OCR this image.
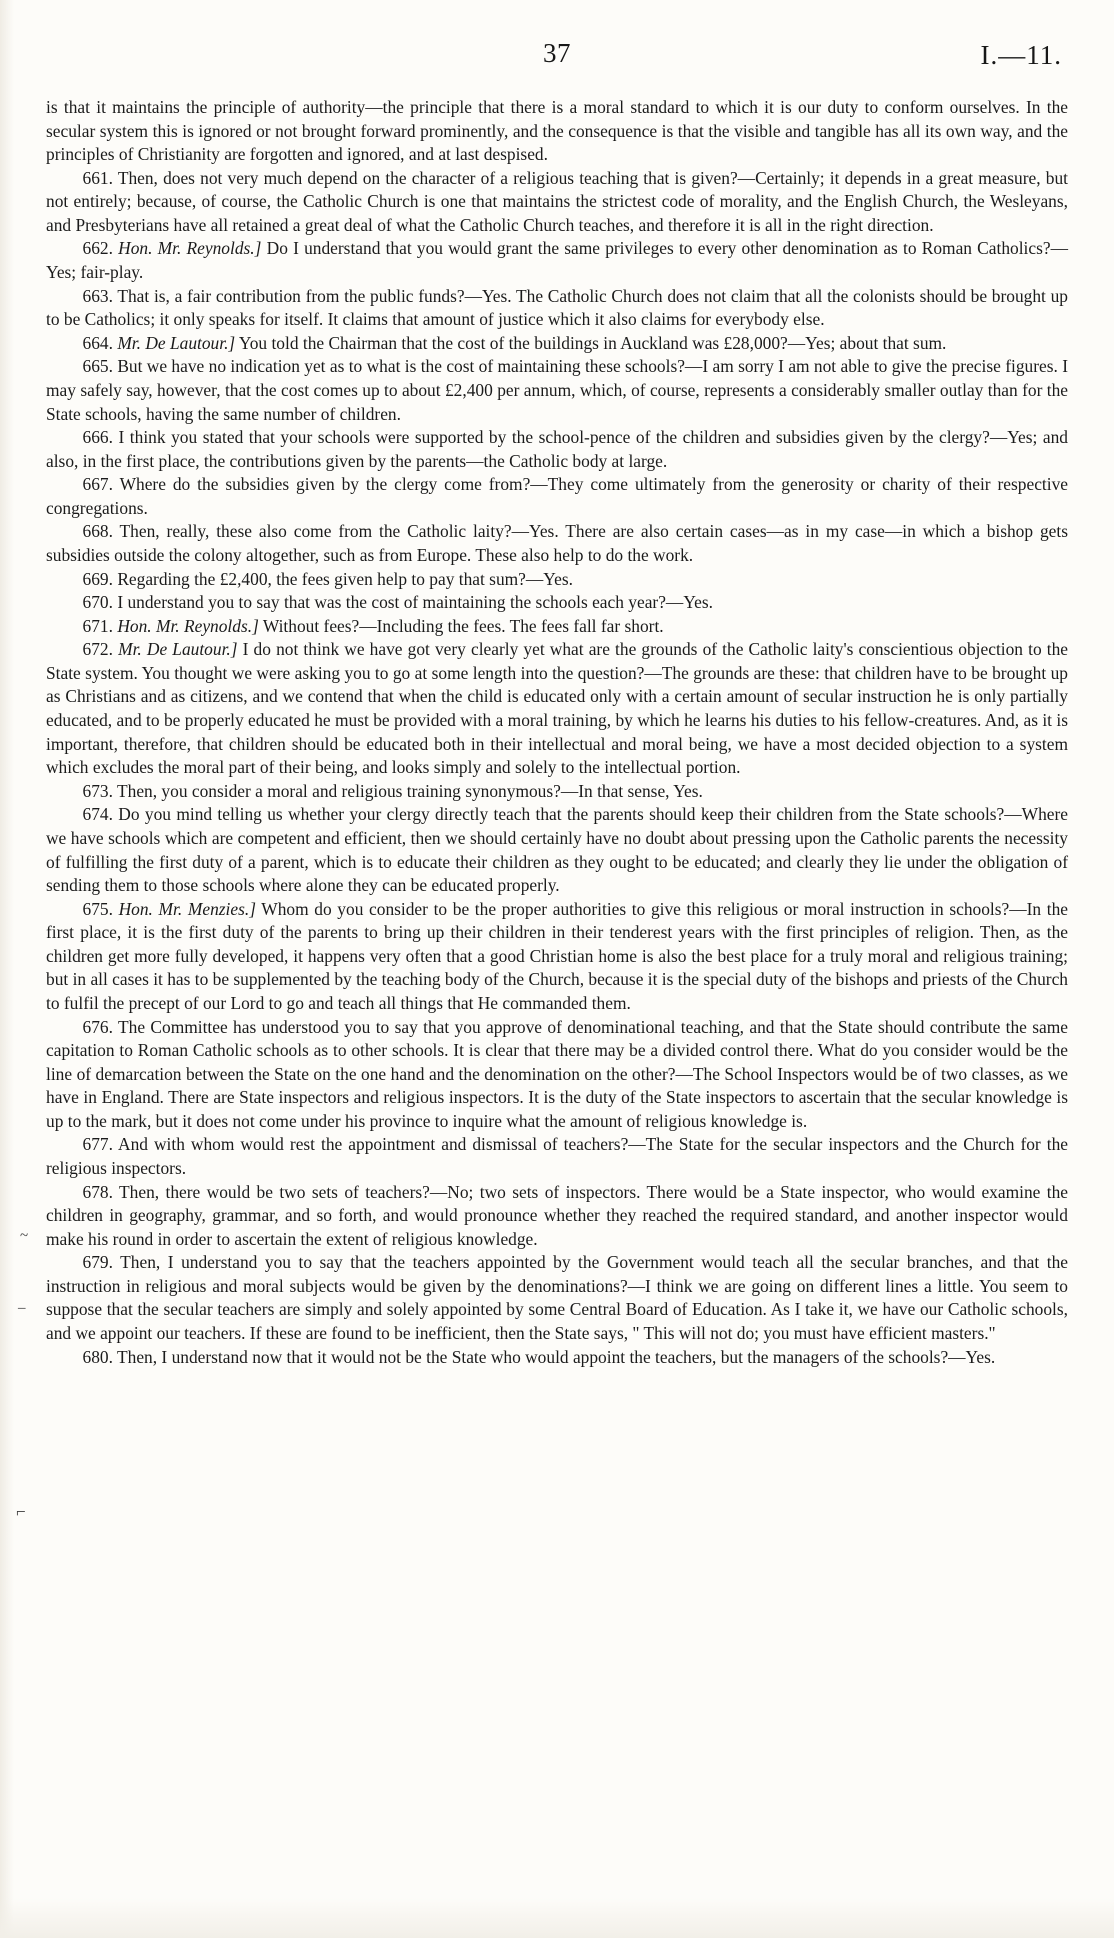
~
–
⌐
37	I.—11.
is that it maintains the principle of authority—the principle that there is a moral standard to which it is our duty to conform ourselves. In the secular system this is ignored or not brought forward prominently, and the consequence is that the visible and tangible has all its own way, and the principles of Christianity are forgotten and ignored, and at last despised.
661. Then, does not very much depend on the character of a religious teaching that is given?—Certainly; it depends in a great measure, but not entirely; because, of course, the Catholic Church is one that maintains the strictest code of morality, and the English Church, the Wesleyans, and Presbyterians have all retained a great deal of what the Catholic Church teaches, and therefore it is all in the right direction.
662. Hon. Mr. Reynolds.] Do I understand that you would grant the same privileges to every other denomination as to Roman Catholics?—Yes; fair-play.
663. That is, a fair contribution from the public funds?—Yes. The Catholic Church does not claim that all the colonists should be brought up to be Catholics; it only speaks for itself. It claims that amount of justice which it also claims for everybody else.
664. Mr. De Lautour.] You told the Chairman that the cost of the buildings in Auckland was £28,000?—Yes; about that sum.
665. But we have no indication yet as to what is the cost of maintaining these schools?—I am sorry I am not able to give the precise figures. I may safely say, however, that the cost comes up to about £2,400 per annum, which, of course, represents a considerably smaller outlay than for the State schools, having the same number of children.
666. I think you stated that your schools were supported by the school-pence of the children and subsidies given by the clergy?—Yes; and also, in the first place, the contributions given by the parents—the Catholic body at large.
667. Where do the subsidies given by the clergy come from?—They come ultimately from the generosity or charity of their respective congregations.
668. Then, really, these also come from the Catholic laity?—Yes. There are also certain cases—as in my case—in which a bishop gets subsidies outside the colony altogether, such as from Europe. These also help to do the work.
669. Regarding the £2,400, the fees given help to pay that sum?—Yes.
670. I understand you to say that was the cost of maintaining the schools each year?—Yes.
671. Hon. Mr. Reynolds.] Without fees?—Including the fees. The fees fall far short.
672. Mr. De Lautour.] I do not think we have got very clearly yet what are the grounds of the Catholic laity's conscientious objection to the State system. You thought we were asking you to go at some length into the question?—The grounds are these: that children have to be brought up as Christians and as citizens, and we contend that when the child is educated only with a certain amount of secular instruction he is only partially educated, and to be properly educated he must be provided with a moral training, by which he learns his duties to his fellow-creatures. And, as it is important, therefore, that children should be educated both in their intellectual and moral being, we have a most decided objection to a system which excludes the moral part of their being, and looks simply and solely to the intellectual portion.
673. Then, you consider a moral and religious training synonymous?—In that sense, Yes.
674. Do you mind telling us whether your clergy directly teach that the parents should keep their children from the State schools?—Where we have schools which are competent and efficient, then we should certainly have no doubt about pressing upon the Catholic parents the necessity of fulfilling the first duty of a parent, which is to educate their children as they ought to be educated; and clearly they lie under the obligation of sending them to those schools where alone they can be educated properly.
675. Hon. Mr. Menzies.] Whom do you consider to be the proper authorities to give this religious or moral instruction in schools?—In the first place, it is the first duty of the parents to bring up their children in their tenderest years with the first principles of religion. Then, as the children get more fully developed, it happens very often that a good Christian home is also the best place for a truly moral and religious training; but in all cases it has to be supplemented by the teaching body of the Church, because it is the special duty of the bishops and priests of the Church to fulfil the precept of our Lord to go and teach all things that He commanded them.
676. The Committee has understood you to say that you approve of denominational teaching, and that the State should contribute the same capitation to Roman Catholic schools as to other schools. It is clear that there may be a divided control there. What do you consider would be the line of demarcation between the State on the one hand and the denomination on the other?—The School Inspectors would be of two classes, as we have in England. There are State inspectors and religious inspectors. It is the duty of the State inspectors to ascertain that the secular knowledge is up to the mark, but it does not come under his province to inquire what the amount of religious knowledge is.
677. And with whom would rest the appointment and dismissal of teachers?—The State for the secular inspectors and the Church for the religious inspectors.
678. Then, there would be two sets of teachers?—No; two sets of inspectors. There would be a State inspector, who would examine the children in geography, grammar, and so forth, and would pronounce whether they reached the required standard, and another inspector would make his round in order to ascertain the extent of religious knowledge.
679. Then, I understand you to say that the teachers appointed by the Government would teach all the secular branches, and that the instruction in religious and moral subjects would be given by the denominations?—I think we are going on different lines a little. You seem to suppose that the secular teachers are simply and solely appointed by some Central Board of Education. As I take it, we have our Catholic schools, and we appoint our teachers. If these are found to be inefficient, then the State says, " This will not do; you must have efficient masters."
680. Then, I understand now that it would not be the State who would appoint the teachers, but the managers of the schools?—Yes.
